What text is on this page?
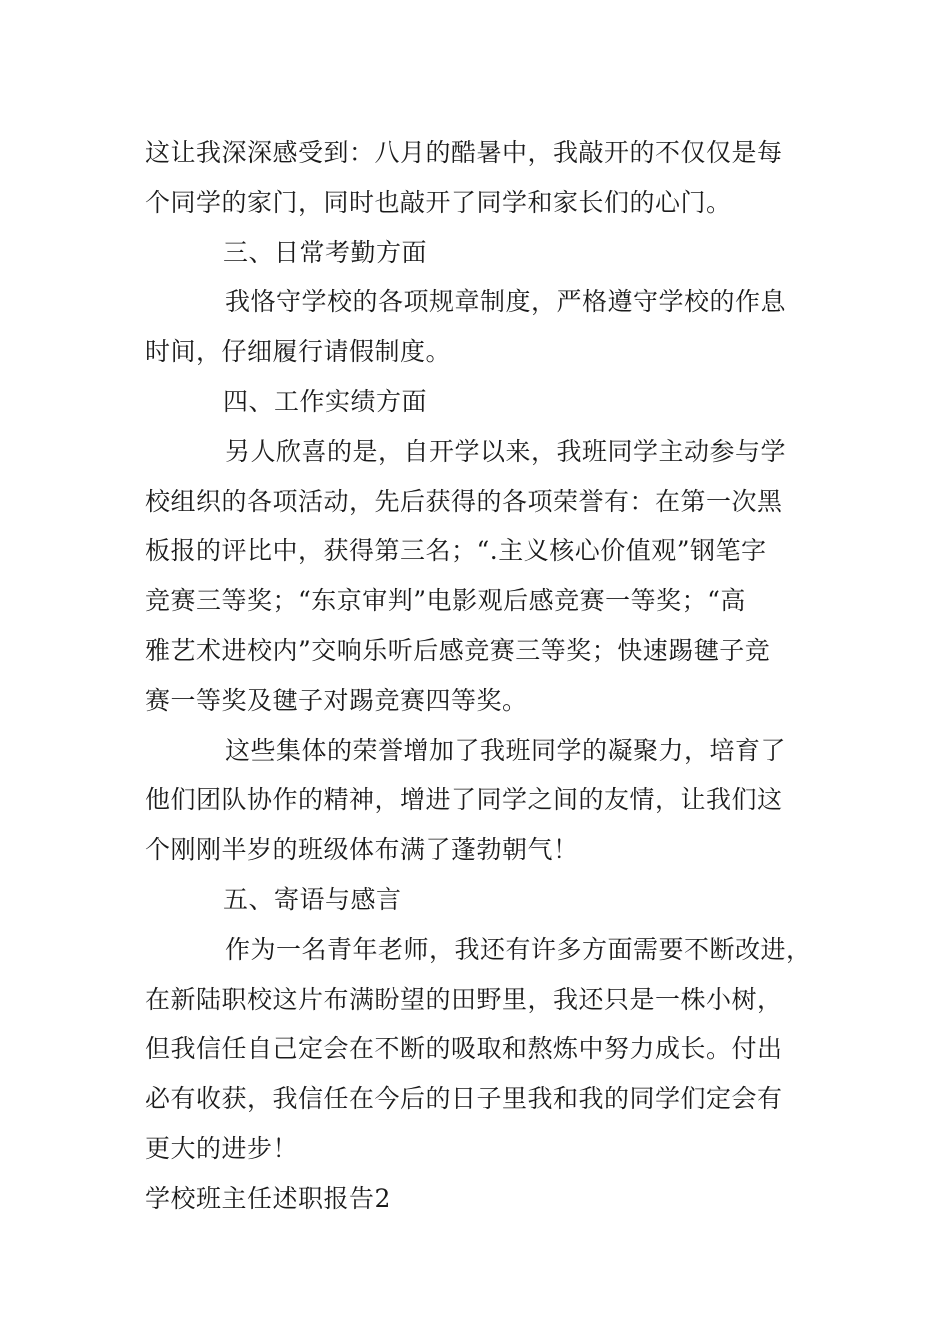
这让我深深感受到：八月的酷暑中，我敲开的不仅仅是每
个同学的家门，同时也敲开了同学和家长们的心门。
三、日常考勤方面
我恪守学校的各项规章制度，严格遵守学校的作息
时间，仔细履行请假制度。
四、工作实绩方面
另人欣喜的是，自开学以来，我班同学主动参与学
校组织的各项活动，先后获得的各项荣誉有：在第一次黑
板报的评比中，获得第三名；“.主义核心价值观”钢笔字
竞赛三等奖；“东京审判”电影观后感竞赛一等奖；“高
雅艺术进校内”交响乐听后感竞赛三等奖；快速踢毽子竞
赛一等奖及毽子对踢竞赛四等奖。
这些集体的荣誉增加了我班同学的凝聚力，培育了
他们团队协作的精神，增进了同学之间的友情，让我们这
个刚刚半岁的班级体布满了蓬勃朝气！
五、寄语与感言
作为一名青年老师，我还有许多方面需要不断改进，
在新陆职校这片布满盼望的田野里，我还只是一株小树，
但我信任自己定会在不断的吸取和熬炼中努力成长。付出
必有收获，我信任在今后的日子里我和我的同学们定会有
更大的进步！
学校班主任述职报告2
